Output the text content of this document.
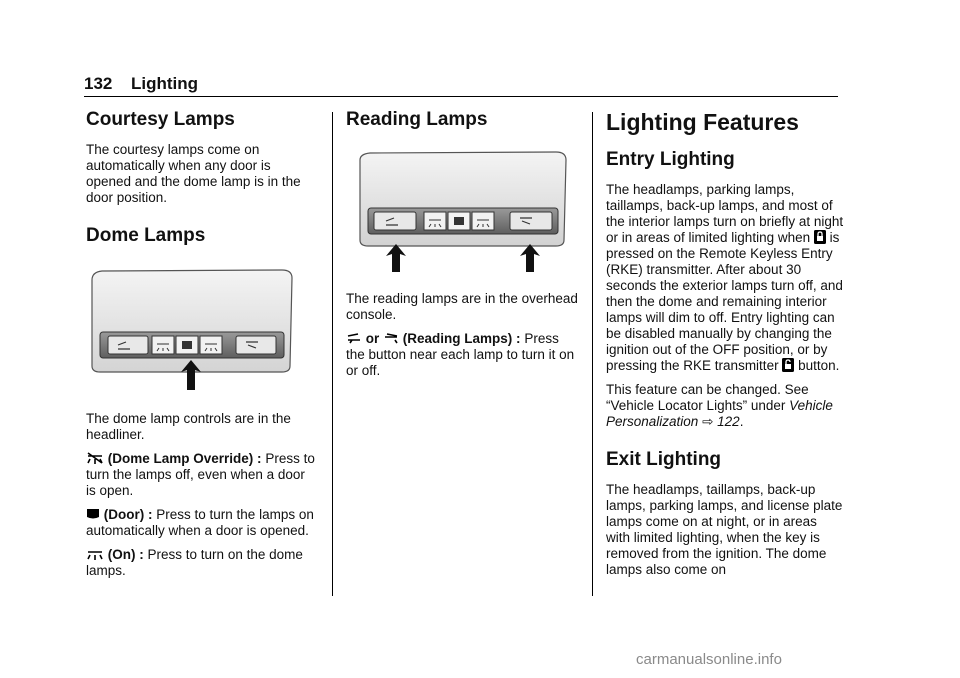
132 Lighting
Courtesy Lamps

The courtesy lamps come on automatically when any door is opened and the dome lamp is in the door position.

Dome Lamps

The dome lamp controls are in the headliner.

(Dome Lamp Override) : Press to turn the lamps off, even when a door is open.

(Door) : Press to turn the lamps on automatically when a door is opened.

(On) : Press to turn on the dome lamps.

Reading Lamps

The reading lamps are in the overhead console.

or (Reading Lamps) : Press the button near each lamp to turn it on or off.

Lighting Features
Entry Lighting

The headlamps, parking lamps, taillamps, back-up lamps, and most of the interior lamps turn on briefly at night or in areas of limited lighting when is pressed on the Remote Keyless Entry (RKE) transmitter. After about 30 seconds the exterior lamps turn off, and then the dome and remaining interior lamps will dim to off. Entry lighting can be disabled manually by changing the ignition out of the OFF position, or by pressing the RKE transmitter button.

This feature can be changed. See “Vehicle Locator Lights” under Vehicle Personalization ⇨ 122.

Exit Lighting

The headlamps, taillamps, back-up lamps, parking lamps, and license plate lamps come on at night, or in areas with limited lighting, when the key is removed from the ignition. The dome lamps also come on

carmanualsonline.info
